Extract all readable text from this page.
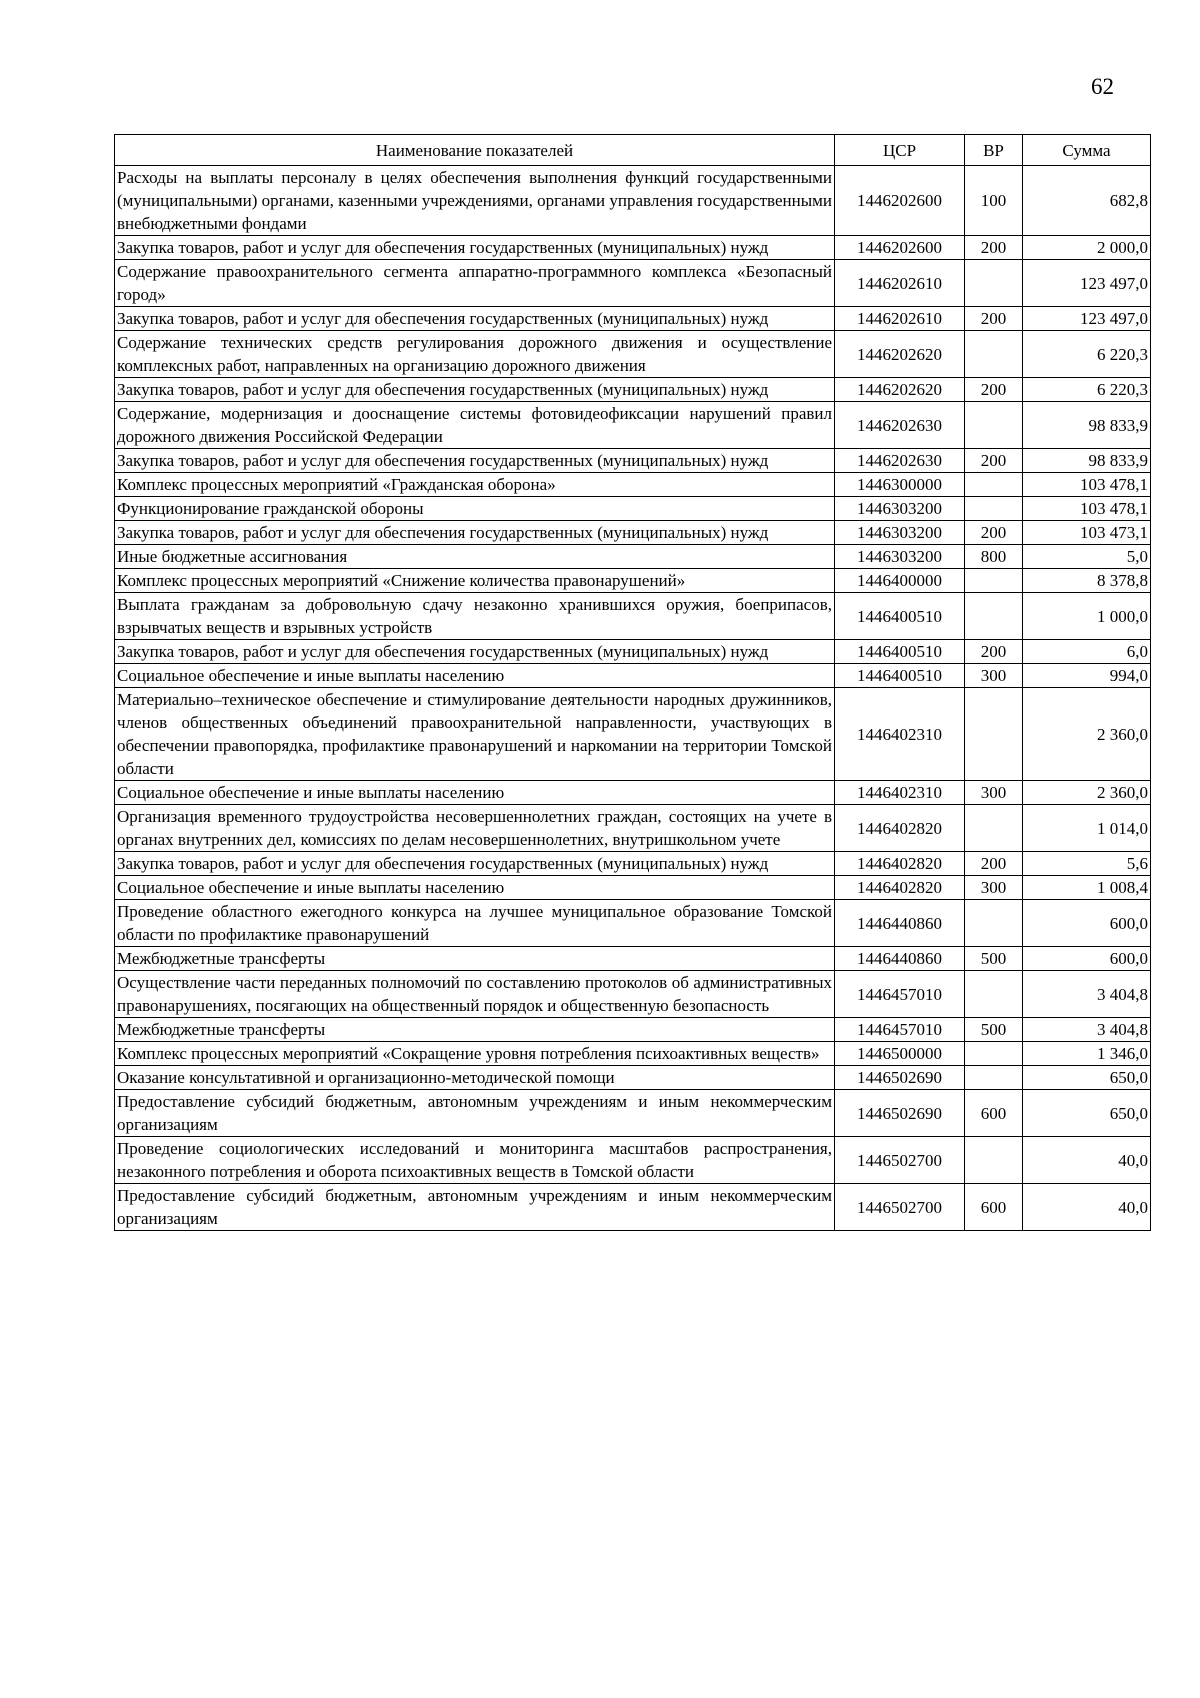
62
Наименование показателей	ЦСР	ВР	Сумма
Расходы на выплаты персоналу в целях обеспечения выполнения функций государственными (муниципальными) органами, казенными учреждениями, органами управления государственными внебюджетными фондами	1446202600	100	682,8
Закупка товаров, работ и услуг для обеспечения государственных (муниципальных) нужд	1446202600	200	2 000,0
Содержание правоохранительного сегмента аппаратно-программного комплекса «Безопасный город»	1446202610		123 497,0
Закупка товаров, работ и услуг для обеспечения государственных (муниципальных) нужд	1446202610	200	123 497,0
Содержание технических средств регулирования дорожного движения и осуществление комплексных работ, направленных на организацию дорожного движения	1446202620		6 220,3
Закупка товаров, работ и услуг для обеспечения государственных (муниципальных) нужд	1446202620	200	6 220,3
Содержание, модернизация и дооснащение системы фотовидеофиксации нарушений правил дорожного движения Российской Федерации	1446202630		98 833,9
Закупка товаров, работ и услуг для обеспечения государственных (муниципальных) нужд	1446202630	200	98 833,9
Комплекс процессных мероприятий «Гражданская оборона»	1446300000		103 478,1
Функционирование гражданской обороны	1446303200		103 478,1
Закупка товаров, работ и услуг для обеспечения государственных (муниципальных) нужд	1446303200	200	103 473,1
Иные бюджетные ассигнования	1446303200	800	5,0
Комплекс процессных мероприятий «Снижение количества правонарушений»	1446400000		8 378,8
Выплата гражданам за добровольную сдачу незаконно хранившихся оружия, боеприпасов, взрывчатых веществ и взрывных устройств	1446400510		1 000,0
Закупка товаров, работ и услуг для обеспечения государственных (муниципальных) нужд	1446400510	200	6,0
Социальное обеспечение и иные выплаты населению	1446400510	300	994,0
Материально–техническое обеспечение и стимулирование деятельности народных дружинников, членов общественных объединений правоохранительной направленности, участвующих в обеспечении правопорядка, профилактике правонарушений и наркомании на территории Томской области	1446402310		2 360,0
Социальное обеспечение и иные выплаты населению	1446402310	300	2 360,0
Организация временного трудоустройства несовершеннолетних граждан, состоящих на учете в органах внутренних дел, комиссиях по делам несовершеннолетних, внутришкольном учете	1446402820		1 014,0
Закупка товаров, работ и услуг для обеспечения государственных (муниципальных) нужд	1446402820	200	5,6
Социальное обеспечение и иные выплаты населению	1446402820	300	1 008,4
Проведение областного ежегодного конкурса на лучшее муниципальное образование Томской области по профилактике правонарушений	1446440860		600,0
Межбюджетные трансферты	1446440860	500	600,0
Осуществление части переданных полномочий по составлению протоколов об административных правонарушениях, посягающих на общественный порядок и общественную безопасность	1446457010		3 404,8
Межбюджетные трансферты	1446457010	500	3 404,8
Комплекс процессных мероприятий «Сокращение уровня потребления психоактивных веществ»	1446500000		1 346,0
Оказание консультативной и организационно-методической помощи	1446502690		650,0
Предоставление субсидий бюджетным, автономным учреждениям и иным некоммерческим организациям	1446502690	600	650,0
Проведение социологических исследований и мониторинга масштабов распространения, незаконного потребления и оборота психоактивных веществ в Томской области	1446502700		40,0
Предоставление субсидий бюджетным, автономным учреждениям и иным некоммерческим организациям	1446502700	600	40,0
